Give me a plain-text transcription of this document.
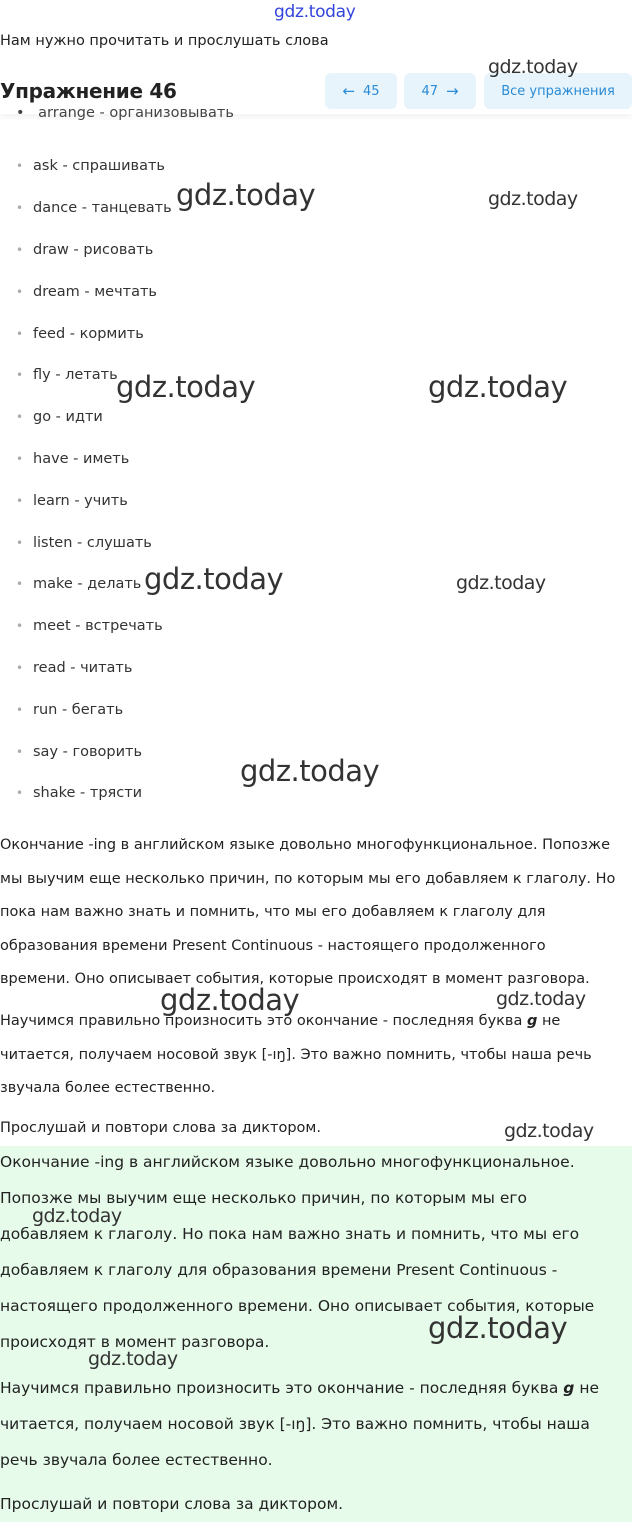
gdz.today
Нам нужно прочитать и прослушать слова
Упражнение 46	← 45	47 →	Все упражнения
• arrange - организовывать
• ask - спрашивать
• dance - танцевать
• draw - рисовать
• dream - мечтать
• feed - кормить
• fly - летать
• go - идти
• have - иметь
• learn - учить
• listen - слушать
• make - делать
• meet - встречать
• read - читать
• run - бегать
• say - говорить
• shake - трясти
Окончание -ing в английском языке довольно многофункциональное. Попозже
мы выучим еще несколько причин, по которым мы его добавляем к глаголу. Но
пока нам важно знать и помнить, что мы его добавляем к глаголу для
образования времени Present Continuous - настоящего продолженного
времени. Оно описывает события, которые происходят в момент разговора.
Научимся правильно произносить это окончание - последняя буква g не
читается, получаем носовой звук [-ıŋ]. Это важно помнить, чтобы наша речь
звучала более естественно.
Прослушай и повтори слова за диктором.
Окончание -ing в английском языке довольно многофункциональное.
Попозже мы выучим еще несколько причин, по которым мы его
добавляем к глаголу. Но пока нам важно знать и помнить, что мы его
добавляем к глаголу для образования времени Present Continuous -
настоящего продолженного времени. Оно описывает события, которые
происходят в момент разговора.
Научимся правильно произносить это окончание - последняя буква g не
читается, получаем носовой звук [-ıŋ]. Это важно помнить, чтобы наша
речь звучала более естественно.
Прослушай и повтори слова за диктором.
gdz.today
gdz.today	gdz.today
gdz.today	gdz.today
gdz.today	gdz.today
gdz.today
gdz.today	gdz.today
gdz.today
gdz.today
gdz.today
gdz.today
